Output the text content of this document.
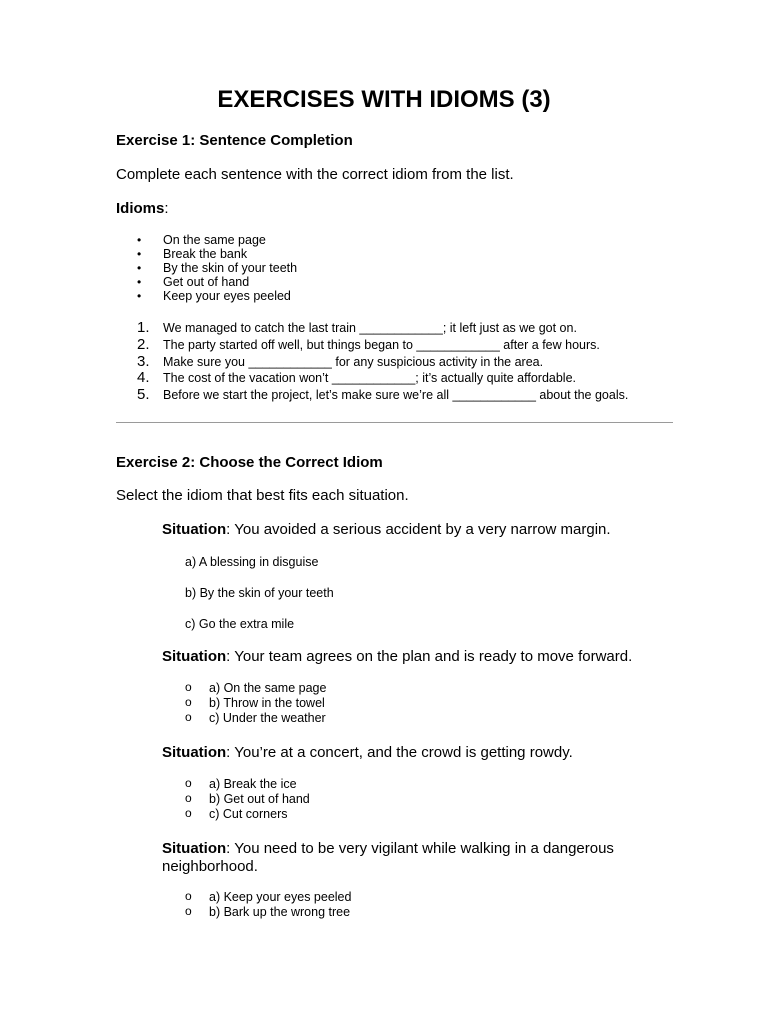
EXERCISES WITH IDIOMS (3)
Exercise 1: Sentence Completion
Complete each sentence with the correct idiom from the list.
Idioms:
• On the same page
• Break the bank
• By the skin of your teeth
• Get out of hand
• Keep your eyes peeled
1. We managed to catch the last train ____________; it left just as we got on.
2. The party started off well, but things began to ____________ after a few hours.
3. Make sure you ____________ for any suspicious activity in the area.
4. The cost of the vacation won’t ____________; it’s actually quite affordable.
5. Before we start the project, let’s make sure we’re all ____________ about the goals.
Exercise 2: Choose the Correct Idiom
Select the idiom that best fits each situation.
Situation: You avoided a serious accident by a very narrow margin.
a) A blessing in disguise
b) By the skin of your teeth
c) Go the extra mile
Situation: Your team agrees on the plan and is ready to move forward.
o a) On the same page
o b) Throw in the towel
o c) Under the weather
Situation: You’re at a concert, and the crowd is getting rowdy.
o a) Break the ice
o b) Get out of hand
o c) Cut corners
Situation: You need to be very vigilant while walking in a dangerous
neighborhood.
o a) Keep your eyes peeled
o b) Bark up the wrong tree
